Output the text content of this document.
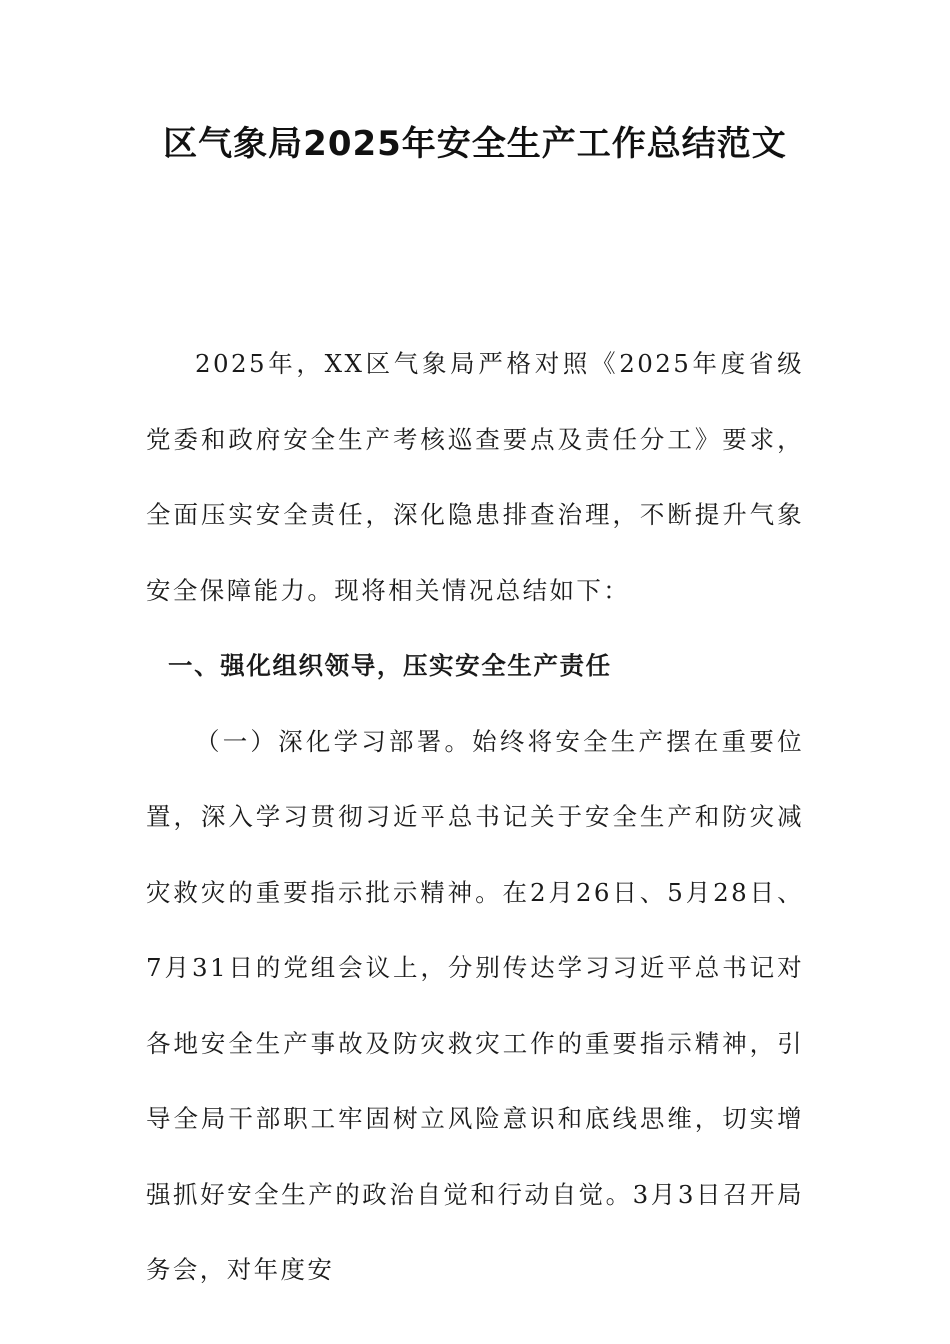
区气象局2025年安全生产工作总结范文

2025年，XX区气象局严格对照《2025年度省级党委和政府安全生产考核巡查要点及责任分工》要求，全面压实安全责任，深化隐患排查治理，不断提升气象安全保障能力。现将相关情况总结如下：

一、强化组织领导，压实安全生产责任

（一）深化学习部署。始终将安全生产摆在重要位置，深入学习贯彻习近平总书记关于安全生产和防灾减灾救灾的重要指示批示精神。在2月26日、5月28日、7月31日的党组会议上，分别传达学习习近平总书记对各地安全生产事故及防灾救灾工作的重要指示精神，引导全局干部职工牢固树立风险意识和底线思维，切实增强抓好安全生产的政治自觉和行动自觉。3月3日召开局务会，对年度安
